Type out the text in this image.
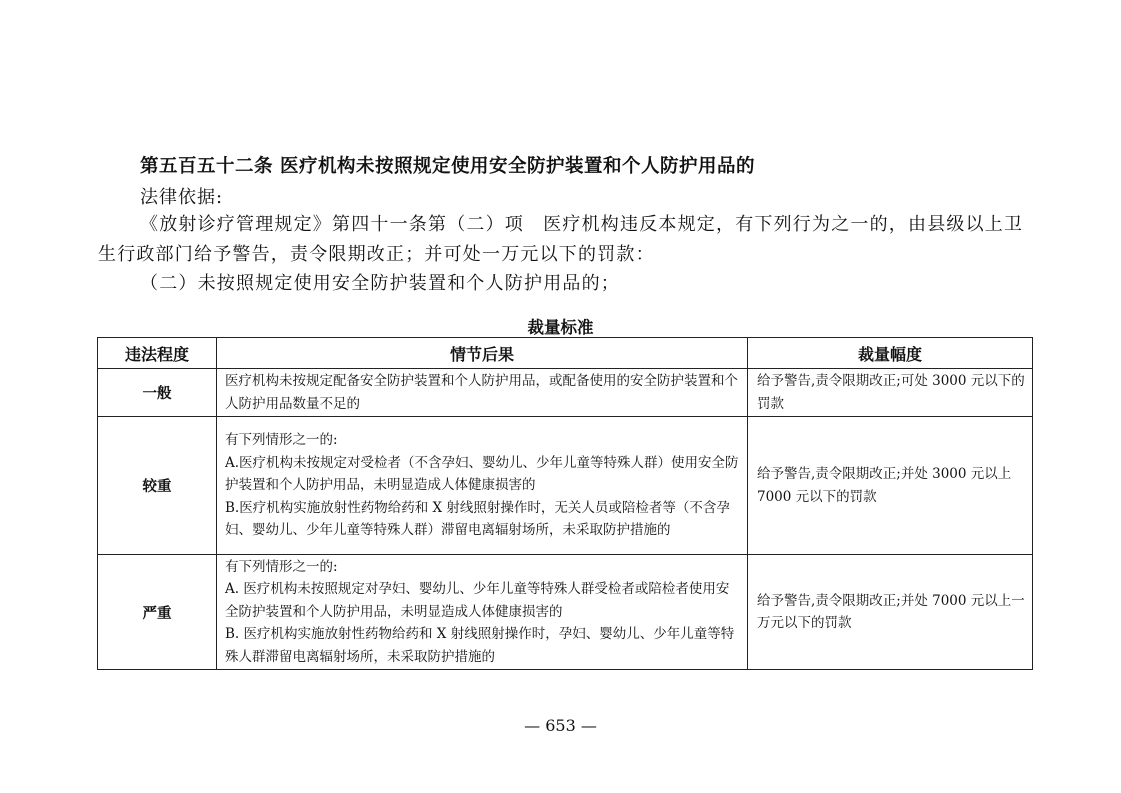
第五百五十二条 医疗机构未按照规定使用安全防护装置和个人防护用品的
法律依据:

《放射诊疗管理规定》第四十一条第（二）项　医疗机构违反本规定，有下列行为之一的，由县级以上卫生行政部门给予警告，责令限期改正；并可处一万元以下的罚款：

（二）未按照规定使用安全防护装置和个人防护用品的；
裁量标准
违法程度	情节后果	裁量幅度
一般	医疗机构未按规定配备安全防护装置和个人防护用品，或配备使用的安全防护装置和个人防护用品数量不足的	给予警告,责令限期改正;可处 3000 元以下的罚款
较重	有下列情形之一的:
A.医疗机构未按规定对受检者（不含孕妇、婴幼儿、少年儿童等特殊人群）使用安全防护装置和个人防护用品，未明显造成人体健康损害的
B.医疗机构实施放射性药物给药和 X 射线照射操作时，无关人员或陪检者等（不含孕妇、婴幼儿、少年儿童等特殊人群）滞留电离辐射场所，未采取防护措施的	给予警告,责令限期改正;并处 3000 元以上 7000 元以下的罚款
严重	有下列情形之一的:
A. 医疗机构未按照规定对孕妇、婴幼儿、少年儿童等特殊人群受检者或陪检者使用安全防护装置和个人防护用品，未明显造成人体健康损害的
B. 医疗机构实施放射性药物给药和 X 射线照射操作时，孕妇、婴幼儿、少年儿童等特殊人群滞留电离辐射场所，未采取防护措施的	给予警告,责令限期改正;并处 7000 元以上一万元以下的罚款
— 653 —
